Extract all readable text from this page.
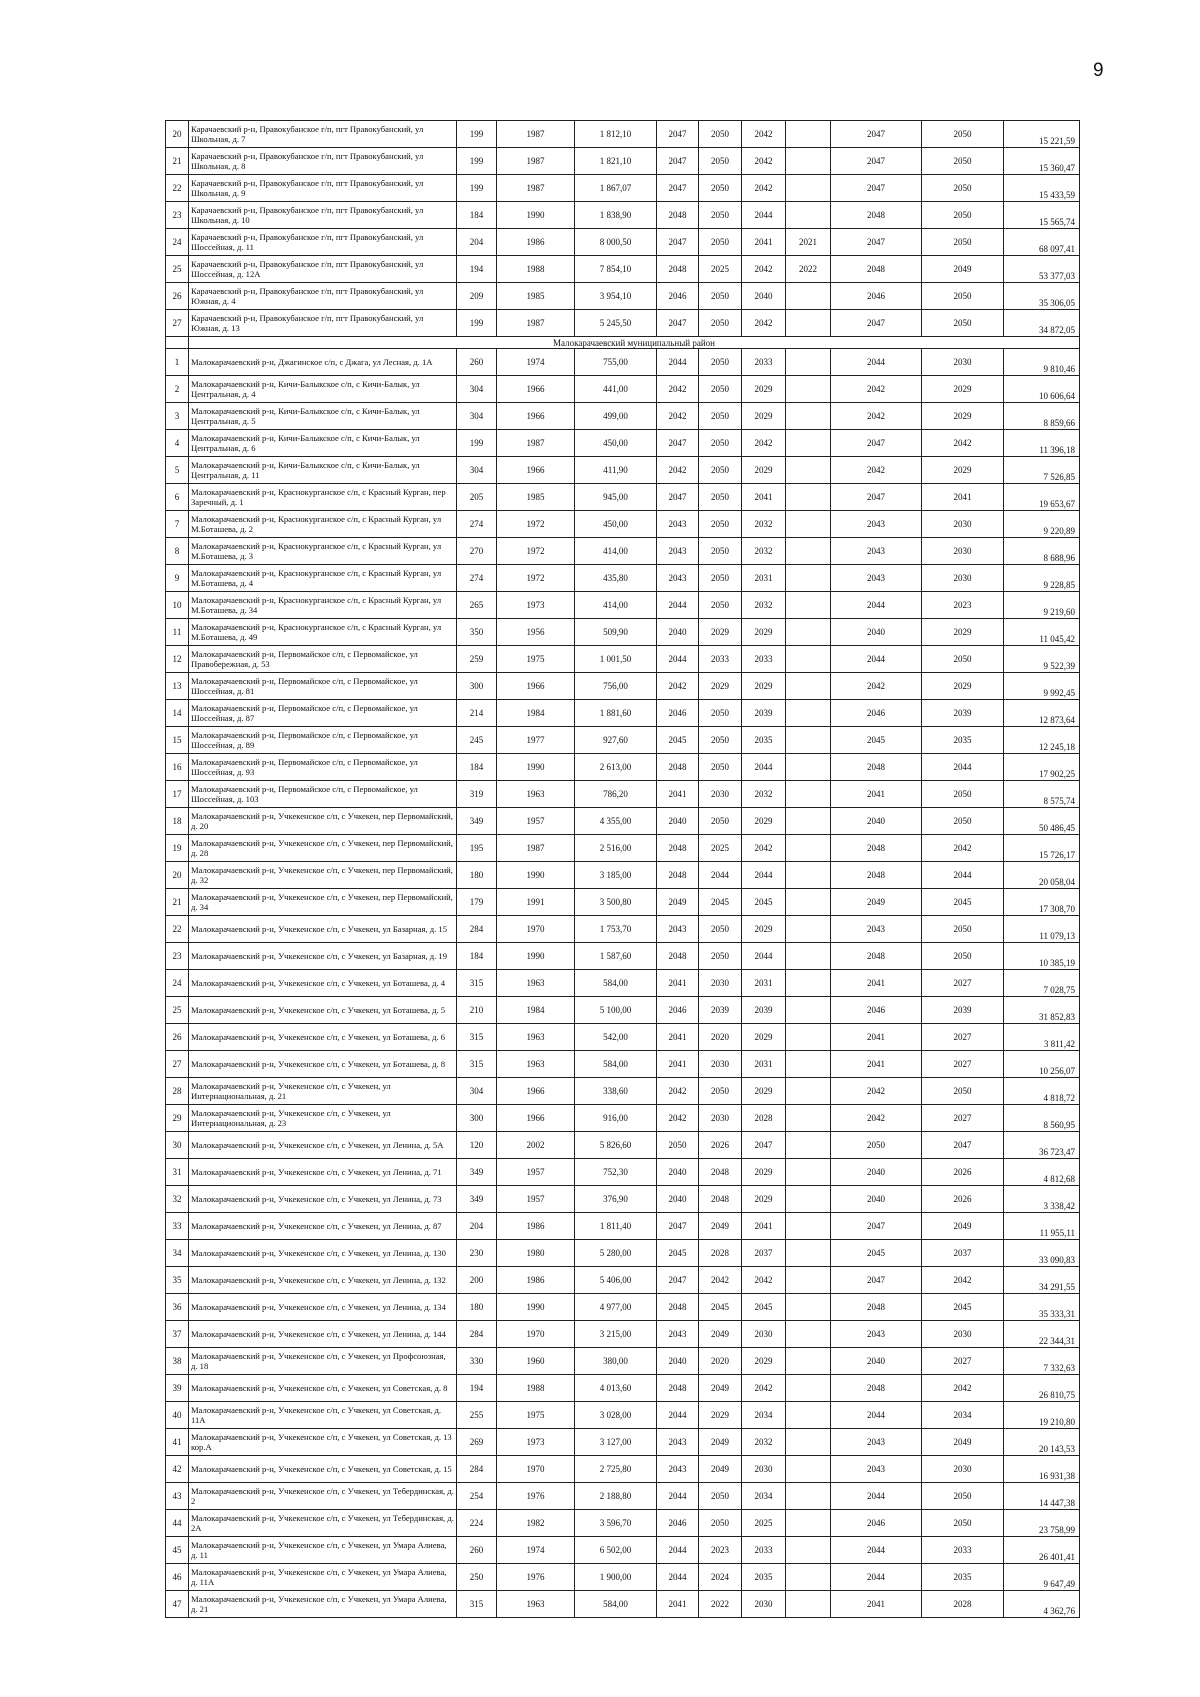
9
20	Карачаевский р-н, Правокубанское г/п, пгт Правокубанский, ул Школьная, д. 7	199	1987	1 812,10	2047	2050	2042		2047	2050	15 221,59
21	Карачаевский р-н, Правокубанское г/п, пгт Правокубанский, ул Школьная, д. 8	199	1987	1 821,10	2047	2050	2042		2047	2050	15 360,47
22	Карачаевский р-н, Правокубанское г/п, пгт Правокубанский, ул Школьная, д. 9	199	1987	1 867,07	2047	2050	2042		2047	2050	15 433,59
23	Карачаевский р-н, Правокубанское г/п, пгт Правокубанский, ул Школьная, д. 10	184	1990	1 838,90	2048	2050	2044		2048	2050	15 565,74
24	Карачаевский р-н, Правокубанское г/п, пгт Правокубанский, ул Шоссейная, д. 11	204	1986	8 000,50	2047	2050	2041	2021	2047	2050	68 097,41
25	Карачаевский р-н, Правокубанское г/п, пгт Правокубанский, ул Шоссейная, д. 12А	194	1988	7 854,10	2048	2025	2042	2022	2048	2049	53 377,03
26	Карачаевский р-н, Правокубанское г/п, пгт Правокубанский, ул Южная, д. 4	209	1985	3 954,10	2046	2050	2040		2046	2050	35 306,05
27	Карачаевский р-н, Правокубанское г/п, пгт Правокубанский, ул Южная, д. 13	199	1987	5 245,50	2047	2050	2042		2047	2050	34 872,05
	Малокарачаевский муниципальный район										
1	Малокарачаевский р-н, Джагинское с/п, с Джага, ул Лесная, д. 1А	260	1974	755,00	2044	2050	2033		2044	2030	9 810,46
2	Малокарачаевский р-н, Кичи-Балыкское с/п, с Кичи-Балык, ул Центральная, д. 4	304	1966	441,00	2042	2050	2029		2042	2029	10 606,64
3	Малокарачаевский р-н, Кичи-Балыкское с/п, с Кичи-Балык, ул Центральная, д. 5	304	1966	499,00	2042	2050	2029		2042	2029	8 859,66
4	Малокарачаевский р-н, Кичи-Балыкское с/п, с Кичи-Балык, ул Центральная, д. 6	199	1987	450,00	2047	2050	2042		2047	2042	11 396,18
5	Малокарачаевский р-н, Кичи-Балыкское с/п, с Кичи-Балык, ул Центральная, д. 11	304	1966	411,90	2042	2050	2029		2042	2029	7 526,85
6	Малокарачаевский р-н, Краснокурганское с/п, с Красный Курган, пер Заречный, д. 1	205	1985	945,00	2047	2050	2041		2047	2041	19 653,67
7	Малокарачаевский р-н, Краснокурганское с/п, с Красный Курган, ул М.Боташева, д. 2	274	1972	450,00	2043	2050	2032		2043	2030	9 220,89
8	Малокарачаевский р-н, Краснокурганское с/п, с Красный Курган, ул М.Боташева, д. 3	270	1972	414,00	2043	2050	2032		2043	2030	8 688,96
9	Малокарачаевский р-н, Краснокурганское с/п, с Красный Курган, ул М.Боташева, д. 4	274	1972	435,80	2043	2050	2031		2043	2030	9 228,85
10	Малокарачаевский р-н, Краснокурганское с/п, с Красный Курган, ул М.Боташева, д. 34	265	1973	414,00	2044	2050	2032		2044	2023	9 219,60
11	Малокарачаевский р-н, Краснокурганское с/п, с Красный Курган, ул М.Боташева, д. 49	350	1956	509,90	2040	2029	2029		2040	2029	11 045,42
12	Малокарачаевский р-н, Первомайское с/п, с Первомайское, ул Правобережная, д. 53	259	1975	1 001,50	2044	2033	2033		2044	2050	9 522,39
13	Малокарачаевский р-н, Первомайское с/п, с Первомайское, ул Шоссейная, д. 81	300	1966	756,00	2042	2029	2029		2042	2029	9 992,45
14	Малокарачаевский р-н, Первомайское с/п, с Первомайское, ул Шоссейная, д. 87	214	1984	1 881,60	2046	2050	2039		2046	2039	12 873,64
15	Малокарачаевский р-н, Первомайское с/п, с Первомайское, ул Шоссейная, д. 89	245	1977	927,60	2045	2050	2035		2045	2035	12 245,18
16	Малокарачаевский р-н, Первомайское с/п, с Первомайское, ул Шоссейная, д. 93	184	1990	2 613,00	2048	2050	2044		2048	2044	17 902,25
17	Малокарачаевский р-н, Первомайское с/п, с Первомайское, ул Шоссейная, д. 103	319	1963	786,20	2041	2030	2032		2041	2050	8 575,74
18	Малокарачаевский р-н, Учкекенское с/п, с Учкекен, пер Первомайский, д. 20	349	1957	4 355,00	2040	2050	2029		2040	2050	50 486,45
19	Малокарачаевский р-н, Учкекенское с/п, с Учкекен, пер Первомайский, д. 28	195	1987	2 516,00	2048	2025	2042		2048	2042	15 726,17
20	Малокарачаевский р-н, Учкекенское с/п, с Учкекен, пер Первомайский, д. 32	180	1990	3 185,00	2048	2044	2044		2048	2044	20 058,04
21	Малокарачаевский р-н, Учкекенское с/п, с Учкекен, пер Первомайский, д. 34	179	1991	3 500,80	2049	2045	2045		2049	2045	17 308,70
22	Малокарачаевский р-н, Учкекенское с/п, с Учкекен, ул Базарная, д. 15	284	1970	1 753,70	2043	2050	2029		2043	2050	11 079,13
23	Малокарачаевский р-н, Учкекенское с/п, с Учкекен, ул Базарная, д. 19	184	1990	1 587,60	2048	2050	2044		2048	2050	10 385,19
24	Малокарачаевский р-н, Учкекенское с/п, с Учкекен, ул Боташева, д. 4	315	1963	584,00	2041	2030	2031		2041	2027	7 028,75
25	Малокарачаевский р-н, Учкекенское с/п, с Учкекен, ул Боташева, д. 5	210	1984	5 100,00	2046	2039	2039		2046	2039	31 852,83
26	Малокарачаевский р-н, Учкекенское с/п, с Учкекен, ул Боташева, д. 6	315	1963	542,00	2041	2020	2029		2041	2027	3 811,42
27	Малокарачаевский р-н, Учкекенское с/п, с Учкекен, ул Боташева, д. 8	315	1963	584,00	2041	2030	2031		2041	2027	10 256,07
28	Малокарачаевский р-н, Учкекенское с/п, с Учкекен, ул Интернациональная, д. 21	304	1966	338,60	2042	2050	2029		2042	2050	4 818,72
29	Малокарачаевский р-н, Учкекенское с/п, с Учкекен, ул Интернациональная, д. 23	300	1966	916,00	2042	2030	2028		2042	2027	8 560,95
30	Малокарачаевский р-н, Учкекенское с/п, с Учкекен, ул Ленина, д. 5А	120	2002	5 826,60	2050	2026	2047		2050	2047	36 723,47
31	Малокарачаевский р-н, Учкекенское с/п, с Учкекен, ул Ленина, д. 71	349	1957	752,30	2040	2048	2029		2040	2026	4 812,68
32	Малокарачаевский р-н, Учкекенское с/п, с Учкекен, ул Ленина, д. 73	349	1957	376,90	2040	2048	2029		2040	2026	3 338,42
33	Малокарачаевский р-н, Учкекенское с/п, с Учкекен, ул Ленина, д. 87	204	1986	1 811,40	2047	2049	2041		2047	2049	11 955,11
34	Малокарачаевский р-н, Учкекенское с/п, с Учкекен, ул Ленина, д. 130	230	1980	5 280,00	2045	2028	2037		2045	2037	33 090,83
35	Малокарачаевский р-н, Учкекенское с/п, с Учкекен, ул Ленина, д. 132	200	1986	5 406,00	2047	2042	2042		2047	2042	34 291,55
36	Малокарачаевский р-н, Учкекенское с/п, с Учкекен, ул Ленина, д. 134	180	1990	4 977,00	2048	2045	2045		2048	2045	35 333,31
37	Малокарачаевский р-н, Учкекенское с/п, с Учкекен, ул Ленина, д. 144	284	1970	3 215,00	2043	2049	2030		2043	2030	22 344,31
38	Малокарачаевский р-н, Учкекенское с/п, с Учкекен, ул Профсоюзная, д. 18	330	1960	380,00	2040	2020	2029		2040	2027	7 332,63
39	Малокарачаевский р-н, Учкекенское с/п, с Учкекен, ул Советская, д. 8	194	1988	4 013,60	2048	2049	2042		2048	2042	26 810,75
40	Малокарачаевский р-н, Учкекенское с/п, с Учкекен, ул Советская, д. 11А	255	1975	3 028,00	2044	2029	2034		2044	2034	19 210,80
41	Малокарачаевский р-н, Учкекенское с/п, с Учкекен, ул Советская, д. 13 кор.А	269	1973	3 127,00	2043	2049	2032		2043	2049	20 143,53
42	Малокарачаевский р-н, Учкекенское с/п, с Учкекен, ул Советская, д. 15	284	1970	2 725,80	2043	2049	2030		2043	2030	16 931,38
43	Малокарачаевский р-н, Учкекенское с/п, с Учкекен, ул Тебердинская, д. 2	254	1976	2 188,80	2044	2050	2034		2044	2050	14 447,38
44	Малокарачаевский р-н, Учкекенское с/п, с Учкекен, ул Тебердинская, д. 2А	224	1982	3 596,70	2046	2050	2025		2046	2050	23 758,99
45	Малокарачаевский р-н, Учкекенское с/п, с Учкекен, ул Умара Алиева, д. 11	260	1974	6 502,00	2044	2023	2033		2044	2033	26 401,41
46	Малокарачаевский р-н, Учкекенское с/п, с Учкекен, ул Умара Алиева, д. 11А	250	1976	1 900,00	2044	2024	2035		2044	2035	9 647,49
47	Малокарачаевский р-н, Учкекенское с/п, с Учкекен, ул Умара Алиева, д. 21	315	1963	584,00	2041	2022	2030		2041	2028	4 362,76
